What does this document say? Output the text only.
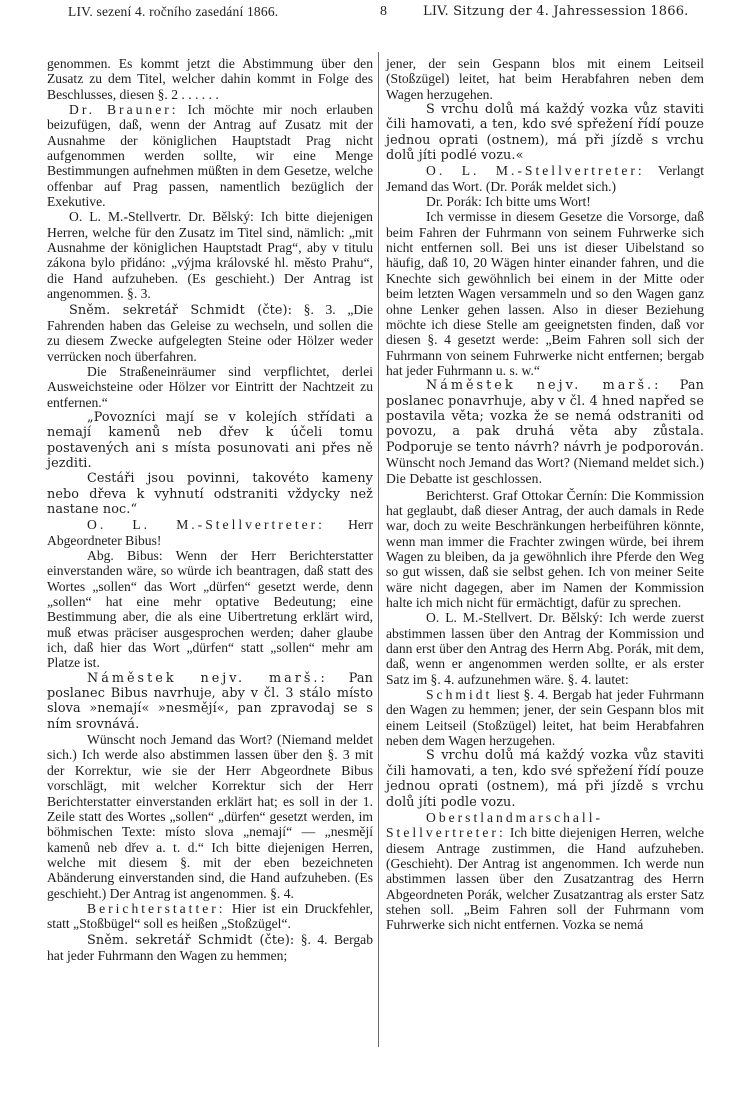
LIV. sezení 4. ročního zasedání 1866.	8	LIV. Sitzung der 4. Jahressession 1866.

genommen. Es kommt jetzt die Abstimmung über den Zusatz zu dem Titel, welcher dahin kommt in Folge des Beschlusses, diesen §. 2 . . . . . .

Dr. Brauner: Ich möchte mir noch erlauben beizufügen, daß, wenn der Antrag auf Zusatz mit der Ausnahme der königlichen Hauptstadt Prag nicht aufgenommen werden sollte, wir eine Menge Bestimmungen aufnehmen müßten in dem Gesetze, welche offenbar auf Prag passen, namentlich bezüglich der Exekutive.

O. L. M.-Stellvertr. Dr. Bělský: Ich bitte diejenigen Herren, welche für den Zusatz im Titel sind, nämlich: „mit Ausnahme der königlichen Hauptstadt Prag“, aby v titulu zákona bylo přidáno: „výjma královské hl. město Prahu“, die Hand aufzuheben. (Es geschieht.) Der Antrag ist angenommen. §. 3.

Sněm. sekretář Schmidt (čte): §. 3. „Die Fahrenden haben das Geleise zu wechseln, und sollen die zu diesem Zwecke aufgelegten Steine oder Hölzer weder verrücken noch überfahren.

Die Straßeneinräumer sind verpflichtet, derlei Ausweichsteine oder Hölzer vor Eintritt der Nachtzeit zu entfernen.“

„Povozníci mají se v kolejích střídati a nemají kamenů neb dřev k účeli tomu postavených ani s místa posunovati ani přes ně jezditi.

Cestáři jsou povinni, takovéto kameny nebo dřeva k vyhnutí odstraniti vždycky než nastane noc.“

O. L. M.-Stellvertreter: Herr Abgeordneter Bibus!

Abg. Bibus: Wenn der Herr Berichterstatter einverstanden wäre, so würde ich beantragen, daß statt des Wortes „sollen“ das Wort „dürfen“ gesetzt werde, denn „sollen“ hat eine mehr optative Bedeutung; eine Bestimmung aber, die als eine Uibertretung erklärt wird, muß etwas präciser ausgesprochen werden; daher glaube ich, daß hier das Wort „dürfen“ statt „sollen“ mehr am Platze ist.

Náměstek nejv. marš.: Pan poslanec Bibus navrhuje, aby v čl. 3 stálo místo slova »nemají« »nesmějí«, pan zpravodaj se s ním srovnává.

Wünscht noch Jemand das Wort? (Niemand meldet sich.) Ich werde also abstimmen lassen über den §. 3 mit der Korrektur, wie sie der Herr Abgeordnete Bibus vorschlägt, mit welcher Korrektur sich der Herr Berichterstatter einverstanden erklärt hat; es soll in der 1. Zeile statt des Wortes „sollen“ „dürfen“ gesetzt werden, im böhmischen Texte: místo slova „nemají“ — „nesmějí kamenů neb dřev a. t. d.“ Ich bitte diejenigen Herren, welche mit diesem §. mit der eben bezeichneten Abänderung einverstanden sind, die Hand aufzuheben. (Es geschieht.) Der Antrag ist angenommen. §. 4.

Berichterstatter: Hier ist ein Druckfehler, statt „Stoßbügel“ soll es heißen „Stoßzügel“.

Sněm. sekretář Schmidt (čte): §. 4. Bergab hat jeder Fuhrmann den Wagen zu hemmen;

jener, der sein Gespann blos mit einem Leitseil (Stoßzügel) leitet, hat beim Herabfahren neben dem Wagen herzugehen.

S vrchu dolů má každý vozka vůz staviti čili hamovati, a ten, kdo své spřežení řídí pouze jednou oprati (ostnem), má při jízdě s vrchu dolů jíti podlé vozu.«

O. L. M.-Stellvertreter: Verlangt Jemand das Wort. (Dr. Porák meldet sich.)

Dr. Porák: Ich bitte ums Wort!

Ich vermisse in diesem Gesetze die Vorsorge, daß beim Fahren der Fuhrmann von seinem Fuhrwerke sich nicht entfernen soll. Bei uns ist dieser Uibelstand so häufig, daß 10, 20 Wägen hinter einander fahren, und die Knechte sich gewöhnlich bei einem in der Mitte oder beim letzten Wagen versammeln und so den Wagen ganz ohne Lenker gehen lassen. Also in dieser Beziehung möchte ich diese Stelle am geeignetsten finden, daß vor diesen §. 4 gesetzt werde: „Beim Fahren soll sich der Fuhrmann von seinem Fuhrwerke nicht entfernen; bergab hat jeder Fuhrmann u. s. w.“

Náměstek nejv. marš.: Pan poslanec ponavrhuje, aby v čl. 4 hned napřed se postavila věta; vozka že se nemá odstraniti od povozu, a pak druhá věta aby zůstala. Podporuje se tento návrh? návrh je podporován. Wünscht noch Jemand das Wort? (Niemand meldet sich.) Die Debatte ist geschlossen.

Berichterst. Graf Ottokar Černín: Die Kommission hat geglaubt, daß dieser Antrag, der auch damals in Rede war, doch zu weite Beschränkungen herbeiführen könnte, wenn man immer die Frachter zwingen würde, bei ihrem Wagen zu bleiben, da ja gewöhnlich ihre Pferde den Weg so gut wissen, daß sie selbst gehen. Ich von meiner Seite wäre nicht dagegen, aber im Namen der Kommission halte ich mich nicht für ermächtigt, dafür zu sprechen.

O. L. M.-Stellvert. Dr. Bělský: Ich werde zuerst abstimmen lassen über den Antrag der Kommission und dann erst über den Antrag des Herrn Abg. Porák, mit dem, daß, wenn er angenommen werden sollte, er als erster Satz im §. 4. aufzunehmen wäre. §. 4. lautet:

Schmidt liest §. 4. Bergab hat jeder Fuhrmann den Wagen zu hemmen; jener, der sein Gespann blos mit einem Leitseil (Stoßzügel) leitet, hat beim Herabfahren neben dem Wagen herzugehen.

S vrchu dolů má každý vozka vůz staviti čili hamovati, a ten, kdo své spřežení řídí pouze jednou oprati (ostnem), má při jízdě s vrchu dolů jíti podle vozu.

Oberstlandmarschall-Stellvertreter: Ich bitte diejenigen Herren, welche diesem Antrage zustimmen, die Hand aufzuheben. (Geschieht). Der Antrag ist angenommen. Ich werde nun abstimmen lassen über den Zusatzantrag des Herrn Abgeordneten Porák, welcher Zusatzantrag als erster Satz stehen soll. „Beim Fahren soll der Fuhrmann vom Fuhrwerke sich nicht entfernen. Vozka se nemá
